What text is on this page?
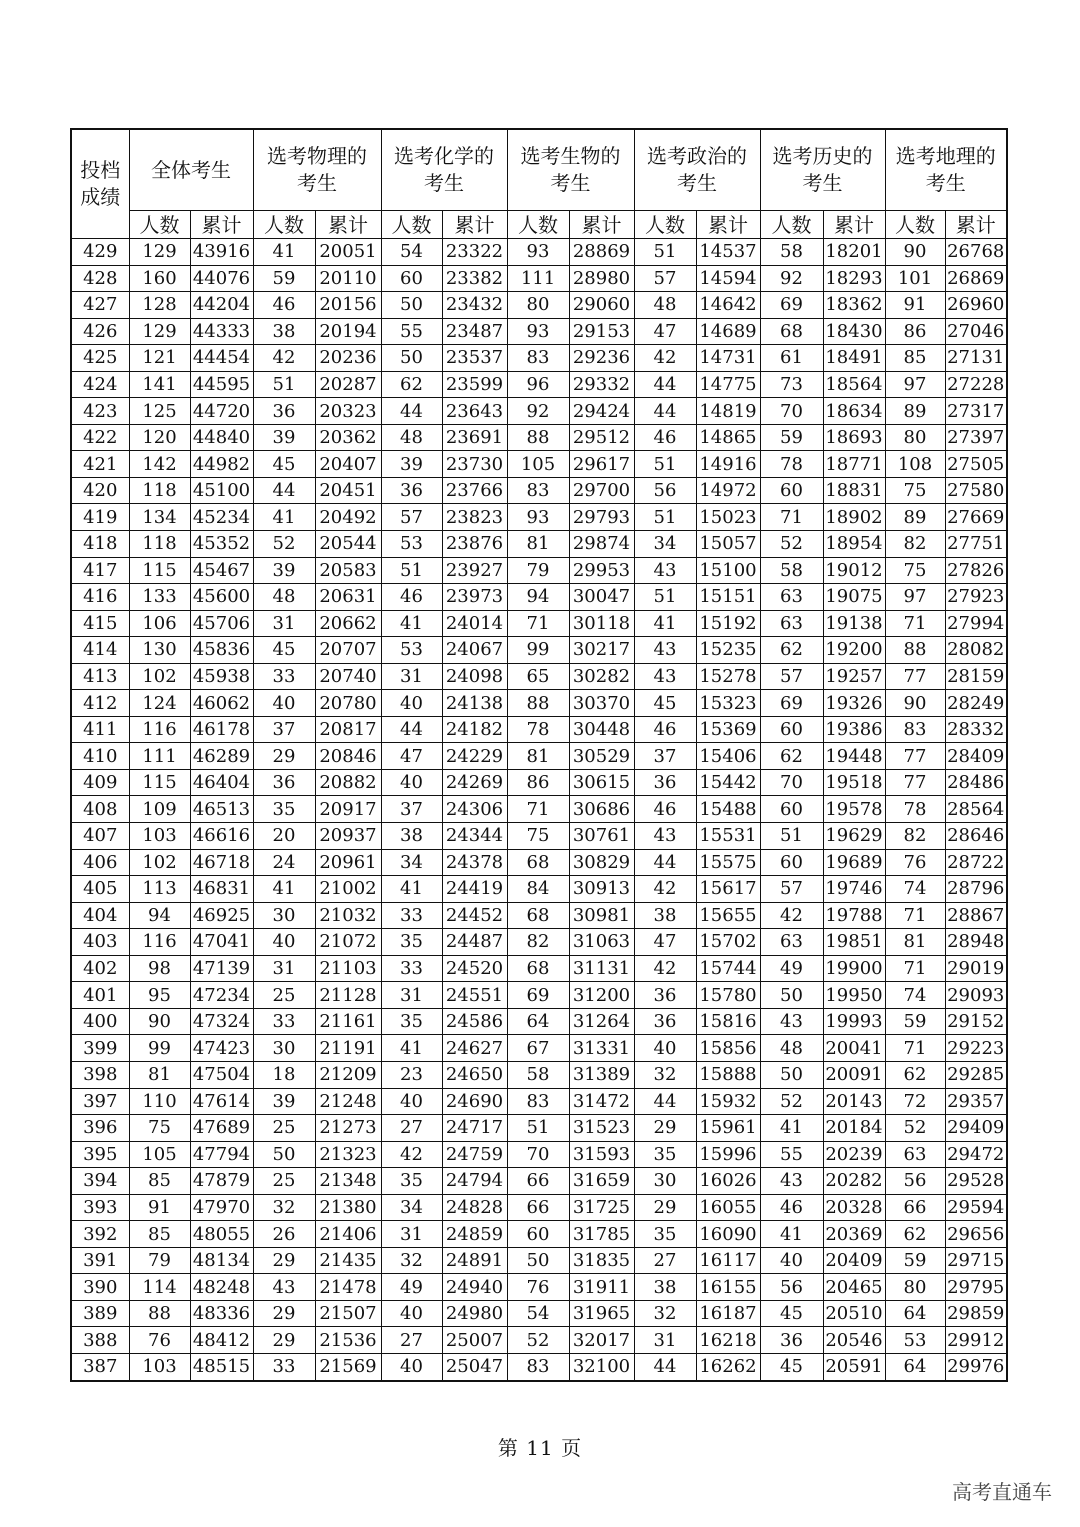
投档成绩	全体考生		选考物理的考生		选考化学的考生		选考生物的考生		选考政治的考生		选考历史的考生		选考地理的考生	
	人数	累计	人数	累计	人数	累计	人数	累计	人数	累计	人数	累计	人数	累计
429	129	43916	41	20051	54	23322	93	28869	51	14537	58	18201	90	26768
428	160	44076	59	20110	60	23382	111	28980	57	14594	92	18293	101	26869
427	128	44204	46	20156	50	23432	80	29060	48	14642	69	18362	91	26960
426	129	44333	38	20194	55	23487	93	29153	47	14689	68	18430	86	27046
425	121	44454	42	20236	50	23537	83	29236	42	14731	61	18491	85	27131
424	141	44595	51	20287	62	23599	96	29332	44	14775	73	18564	97	27228
423	125	44720	36	20323	44	23643	92	29424	44	14819	70	18634	89	27317
422	120	44840	39	20362	48	23691	88	29512	46	14865	59	18693	80	27397
421	142	44982	45	20407	39	23730	105	29617	51	14916	78	18771	108	27505
420	118	45100	44	20451	36	23766	83	29700	56	14972	60	18831	75	27580
419	134	45234	41	20492	57	23823	93	29793	51	15023	71	18902	89	27669
418	118	45352	52	20544	53	23876	81	29874	34	15057	52	18954	82	27751
417	115	45467	39	20583	51	23927	79	29953	43	15100	58	19012	75	27826
416	133	45600	48	20631	46	23973	94	30047	51	15151	63	19075	97	27923
415	106	45706	31	20662	41	24014	71	30118	41	15192	63	19138	71	27994
414	130	45836	45	20707	53	24067	99	30217	43	15235	62	19200	88	28082
413	102	45938	33	20740	31	24098	65	30282	43	15278	57	19257	77	28159
412	124	46062	40	20780	40	24138	88	30370	45	15323	69	19326	90	28249
411	116	46178	37	20817	44	24182	78	30448	46	15369	60	19386	83	28332
410	111	46289	29	20846	47	24229	81	30529	37	15406	62	19448	77	28409
409	115	46404	36	20882	40	24269	86	30615	36	15442	70	19518	77	28486
408	109	46513	35	20917	37	24306	71	30686	46	15488	60	19578	78	28564
407	103	46616	20	20937	38	24344	75	30761	43	15531	51	19629	82	28646
406	102	46718	24	20961	34	24378	68	30829	44	15575	60	19689	76	28722
405	113	46831	41	21002	41	24419	84	30913	42	15617	57	19746	74	28796
404	94	46925	30	21032	33	24452	68	30981	38	15655	42	19788	71	28867
403	116	47041	40	21072	35	24487	82	31063	47	15702	63	19851	81	28948
402	98	47139	31	21103	33	24520	68	31131	42	15744	49	19900	71	29019
401	95	47234	25	21128	31	24551	69	31200	36	15780	50	19950	74	29093
400	90	47324	33	21161	35	24586	64	31264	36	15816	43	19993	59	29152
399	99	47423	30	21191	41	24627	67	31331	40	15856	48	20041	71	29223
398	81	47504	18	21209	23	24650	58	31389	32	15888	50	20091	62	29285
397	110	47614	39	21248	40	24690	83	31472	44	15932	52	20143	72	29357
396	75	47689	25	21273	27	24717	51	31523	29	15961	41	20184	52	29409
395	105	47794	50	21323	42	24759	70	31593	35	15996	55	20239	63	29472
394	85	47879	25	21348	35	24794	66	31659	30	16026	43	20282	56	29528
393	91	47970	32	21380	34	24828	66	31725	29	16055	46	20328	66	29594
392	85	48055	26	21406	31	24859	60	31785	35	16090	41	20369	62	29656
391	79	48134	29	21435	32	24891	50	31835	27	16117	40	20409	59	29715
390	114	48248	43	21478	49	24940	76	31911	38	16155	56	20465	80	29795
389	88	48336	29	21507	40	24980	54	31965	32	16187	45	20510	64	29859
388	76	48412	29	21536	27	25007	52	32017	31	16218	36	20546	53	29912
387	103	48515	33	21569	40	25047	83	32100	44	16262	45	20591	64	29976
第 11 页
高考直通车
